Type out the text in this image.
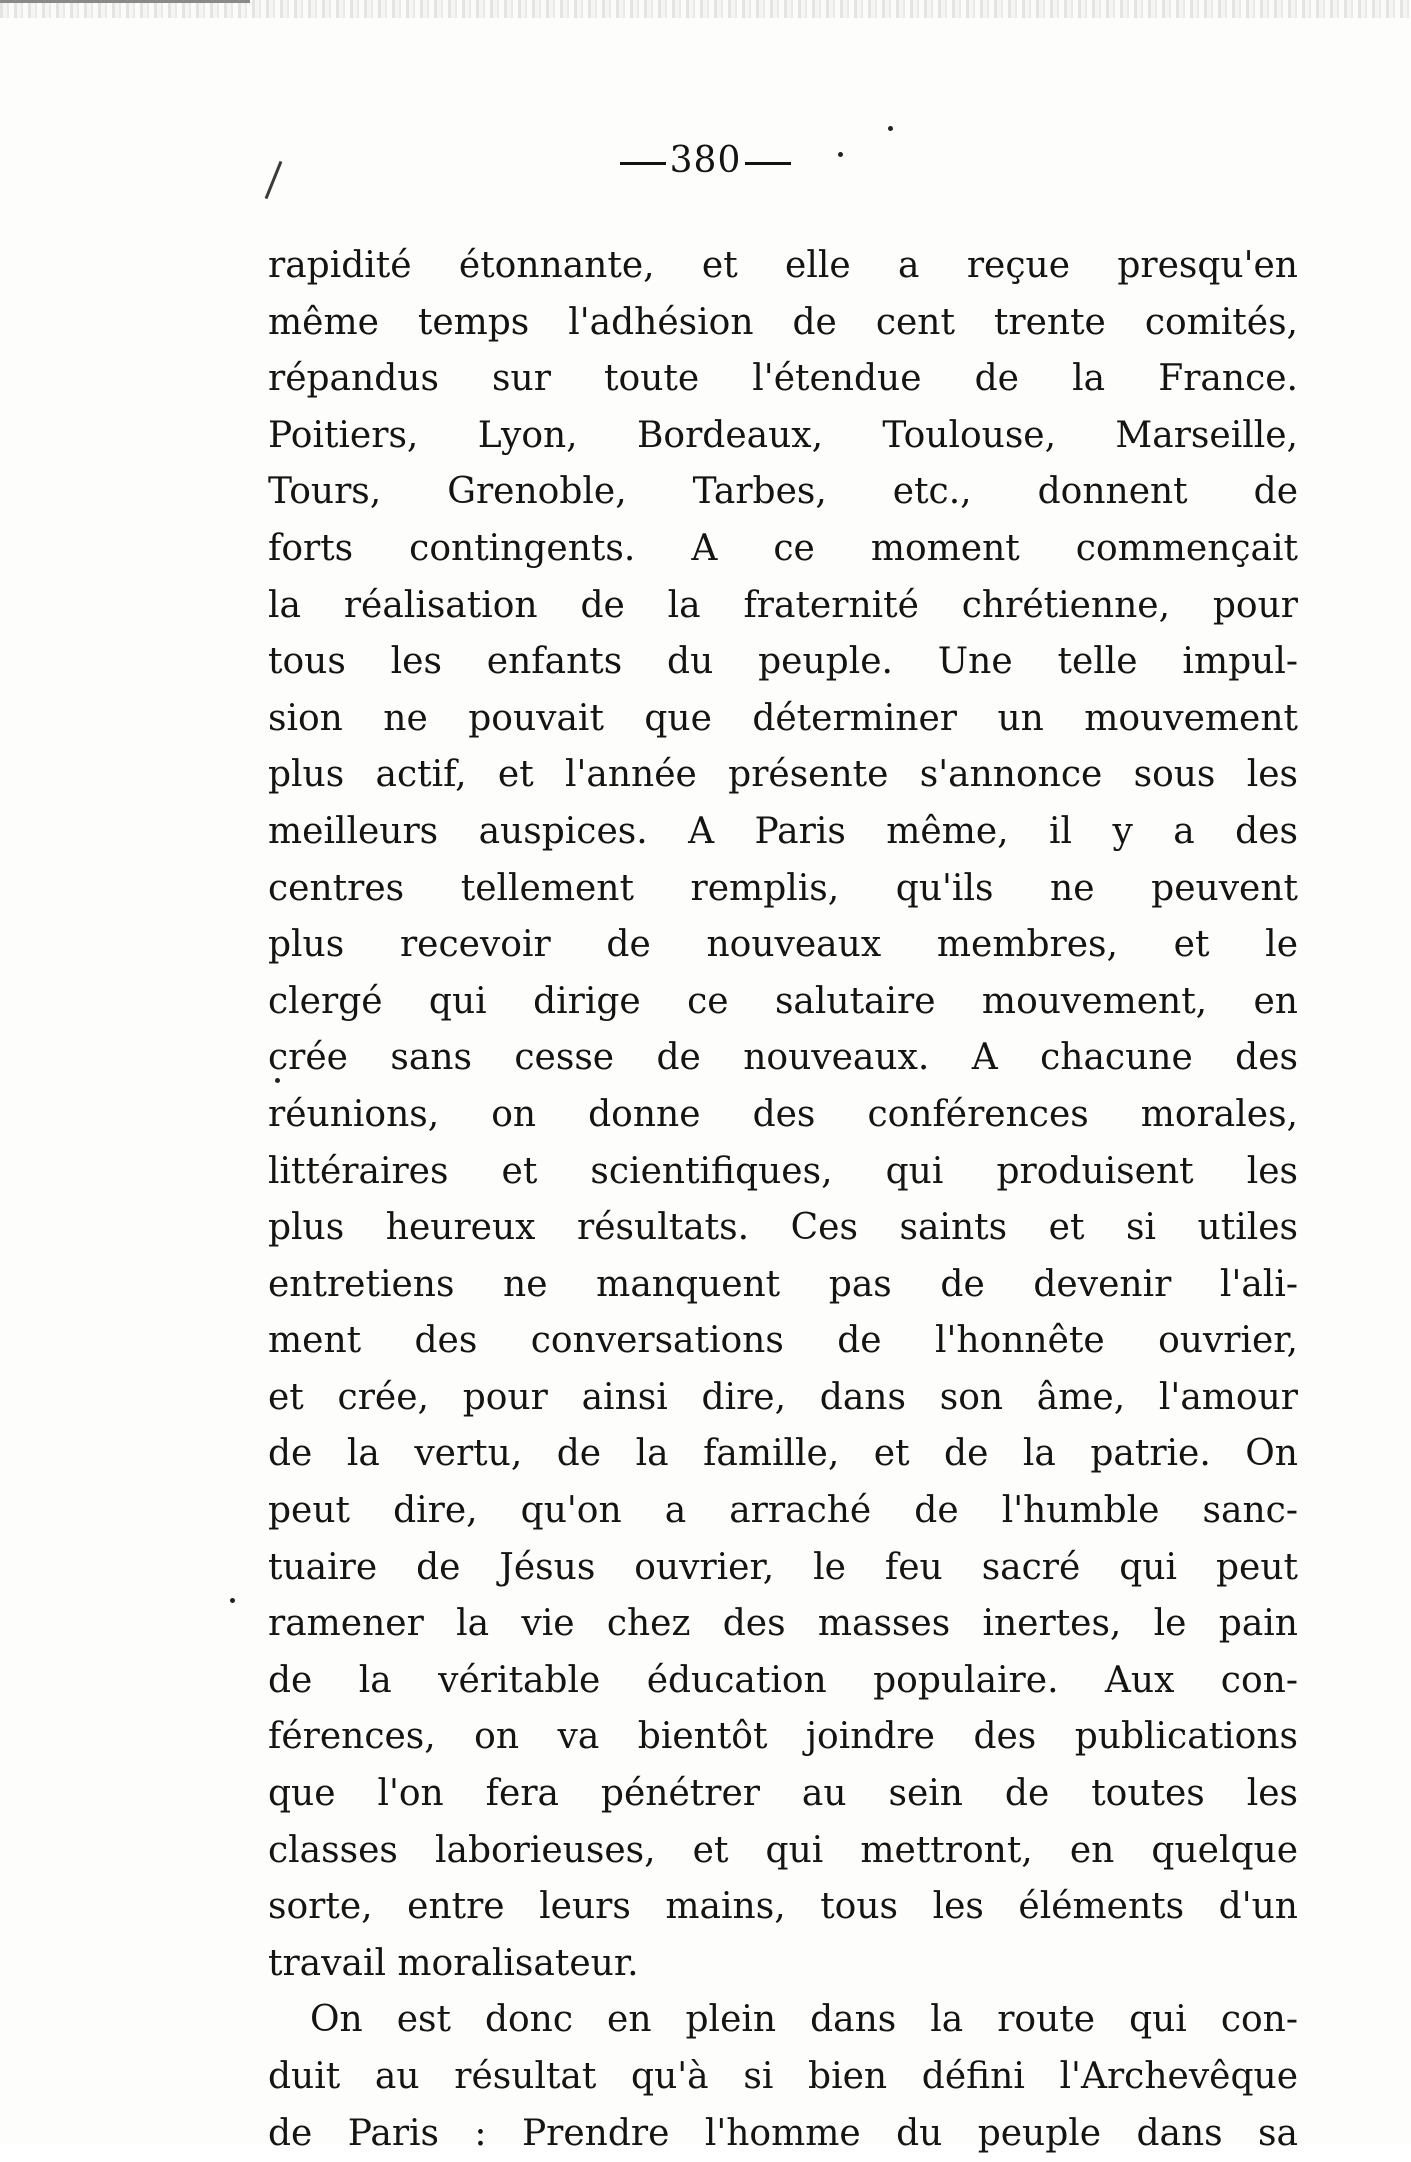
380
rapidité étonnante, et elle a reçue presqu'en
même temps l'adhésion de cent trente comités,
répandus sur toute l'étendue de la France.
Poitiers, Lyon, Bordeaux, Toulouse, Marseille,
Tours, Grenoble, Tarbes, etc., donnent de
forts contingents. A ce moment commençait
la réalisation de la fraternité chrétienne, pour
tous les enfants du peuple. Une telle impul-
sion ne pouvait que déterminer un mouvement
plus actif, et l'année présente s'annonce sous les
meilleurs auspices. A Paris même, il y a des
centres tellement remplis, qu'ils ne peuvent
plus recevoir de nouveaux membres, et le
clergé qui dirige ce salutaire mouvement, en
crée sans cesse de nouveaux. A chacune des
réunions, on donne des conférences morales,
littéraires et scientifiques, qui produisent les
plus heureux résultats. Ces saints et si utiles
entretiens ne manquent pas de devenir l'ali-
ment des conversations de l'honnête ouvrier,
et crée, pour ainsi dire, dans son âme, l'amour
de la vertu, de la famille, et de la patrie. On
peut dire, qu'on a arraché de l'humble sanc-
tuaire de Jésus ouvrier, le feu sacré qui peut
ramener la vie chez des masses inertes, le pain
de la véritable éducation populaire. Aux con-
férences, on va bientôt joindre des publications
que l'on fera pénétrer au sein de toutes les
classes laborieuses, et qui mettront, en quelque
sorte, entre leurs mains, tous les éléments d'un
travail moralisateur.
On est donc en plein dans la route qui con-
duit au résultat qu'à si bien défini l'Archevêque
de Paris : Prendre l'homme du peuple dans sa
